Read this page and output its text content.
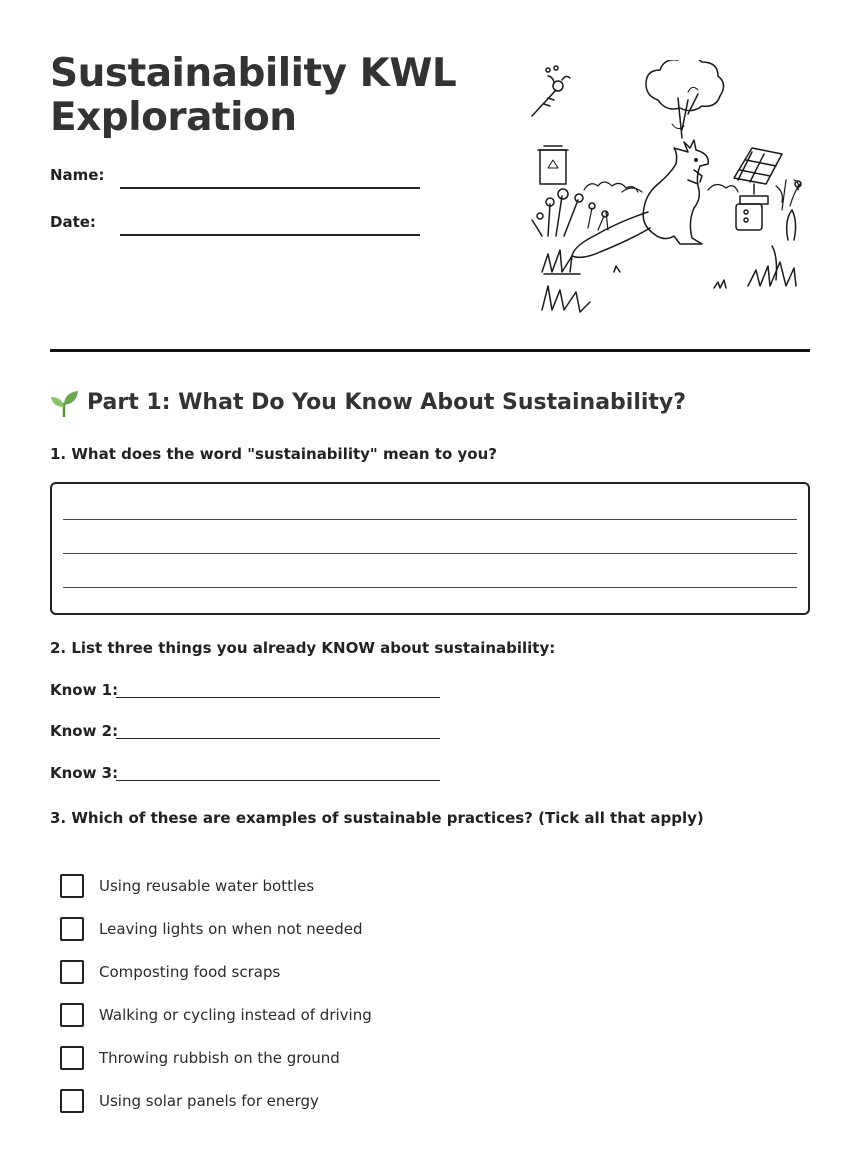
Sustainability KWL
Exploration
Name:
Date:
Part 1: What Do You Know About Sustainability?
1. What does the word "sustainability" mean to you?
2. List three things you already KNOW about sustainability:
Know 1:
Know 2:
Know 3:
3. Which of these are examples of sustainable practices? (Tick all that apply)
Using reusable water bottles
Leaving lights on when not needed
Composting food scraps
Walking or cycling instead of driving
Throwing rubbish on the ground
Using solar panels for energy
